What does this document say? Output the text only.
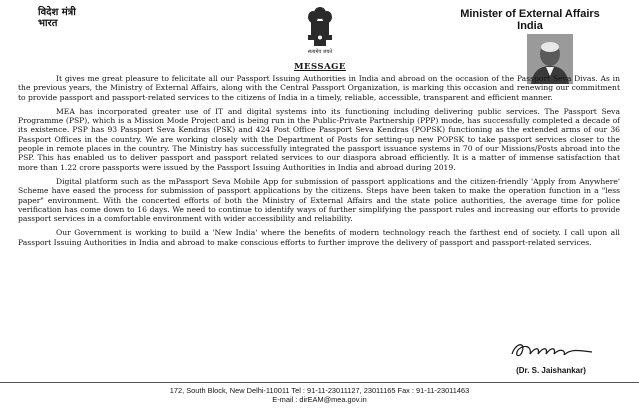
विदेश मंत्री
भारत
सत्यमेव जयते
Minister of External Affairs
India
MESSAGE

It gives me great pleasure to felicitate all our Passport Issuing Authorities in India and abroad on the occasion of the Passport Seva Divas. As in the previous years, the Ministry of External Affairs, along with the Central Passport Organization, is marking this occasion and renewing our commitment to provide passport and passport-related services to the citizens of India in a timely, reliable, accessible, transparent and efficient manner.

MEA has incorporated greater use of IT and digital systems into its functioning including delivering public services. The Passport Seva Programme (PSP), which is a Mission Mode Project and is being run in the Public-Private Partnership (PPP) mode, has successfully completed a decade of its existence. PSP has 93 Passport Seva Kendras (PSK) and 424 Post Office Passport Seva Kendras (POPSK) functioning as the extended arms of our 36 Passport Offices in the country. We are working closely with the Department of Posts for setting-up new POPSK to take passport services closer to the people in remote places in the country. The Ministry has successfully integrated the passport issuance systems in 70 of our Missions/Posts abroad into the PSP. This has enabled us to deliver passport and passport related services to our diaspora abroad efficiently. It is a matter of immense satisfaction that more than 1.22 crore passports were issued by the Passport Issuing Authorities in India and abroad during 2019.

Digital platform such as the mPassport Seva Mobile App for submission of passport applications and the citizen-friendly 'Apply from Anywhere' Scheme have eased the process for submission of passport applications by the citizens. Steps have been taken to make the operation function in a "less paper" environment. With the concerted efforts of both the Ministry of External Affairs and the state police authorities, the average time for police verification has come down to 16 days. We need to continue to identify ways of further simplifying the passport rules and increasing our efforts to provide passport services in a comfortable environment with wider accessibility and reliability.

Our Government is working to build a 'New India' where the benefits of modern technology reach the farthest end of society. I call upon all Passport Issuing Authorities in India and abroad to make conscious efforts to further improve the delivery of passport and passport-related services.

(Dr. S. Jaishankar)
172, South Block, New Delhi-110011 Tel : 91-11-23011127, 23011165 Fax : 91-11-23011463
E-mail : dirEAM@mea.gov.in
